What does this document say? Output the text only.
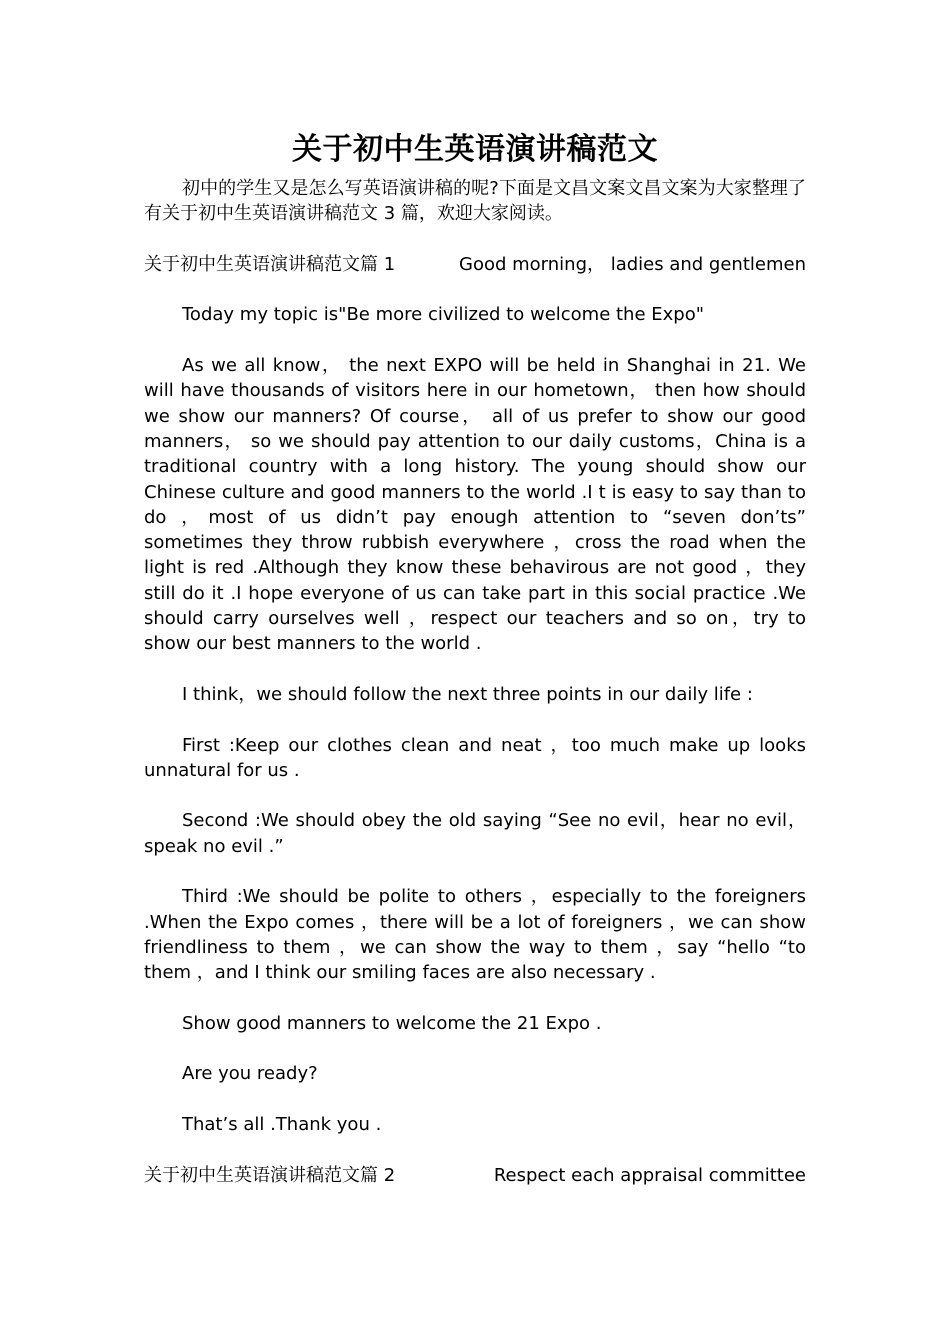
关于初中生英语演讲稿范文

初中的学生又是怎么写英语演讲稿的呢?下面是文昌文案文昌文案为大家整理了有关于初中生英语演讲稿范文 3 篇，欢迎大家阅读。

关于初中生英语演讲稿范文篇 1	Good morning， ladies and gentlemen

Today my topic is"Be more civilized to welcome the Expo"

As we all know， the next EXPO will be held in Shanghai in 21. We will have thousands of visitors here in our hometown， then how should we show our manners? Of course， all of us prefer to show our good manners， so we should pay attention to our daily customs，China is a traditional country with a long history. The young should show our Chinese culture and good manners to the world .I t is easy to say than to do ，most of us didn’t pay enough attention to “seven don’ts” sometimes they throw rubbish everywhere ，cross the road when the light is red .Although they know these behavirous are not good ，they still do it .I hope everyone of us can take part in this social practice .We should carry ourselves well ，respect our teachers and so on，try to show our best manners to the world .

I think，we should follow the next three points in our daily life :

First :Keep our clothes clean and neat ，too much make up looks unnatural for us .

Second :We should obey the old saying “See no evil，hear no evil，speak no evil .”

Third :We should be polite to others ，especially to the foreigners .When the Expo comes ，there will be a lot of foreigners ，we can show friendliness to them ，we can show the way to them ，say “hello “to them ，and I think our smiling faces are also necessary .

Show good manners to welcome the 21 Expo .

Are you ready?

That’s all .Thank you .

关于初中生英语演讲稿范文篇 2	Respect each appraisal committee
